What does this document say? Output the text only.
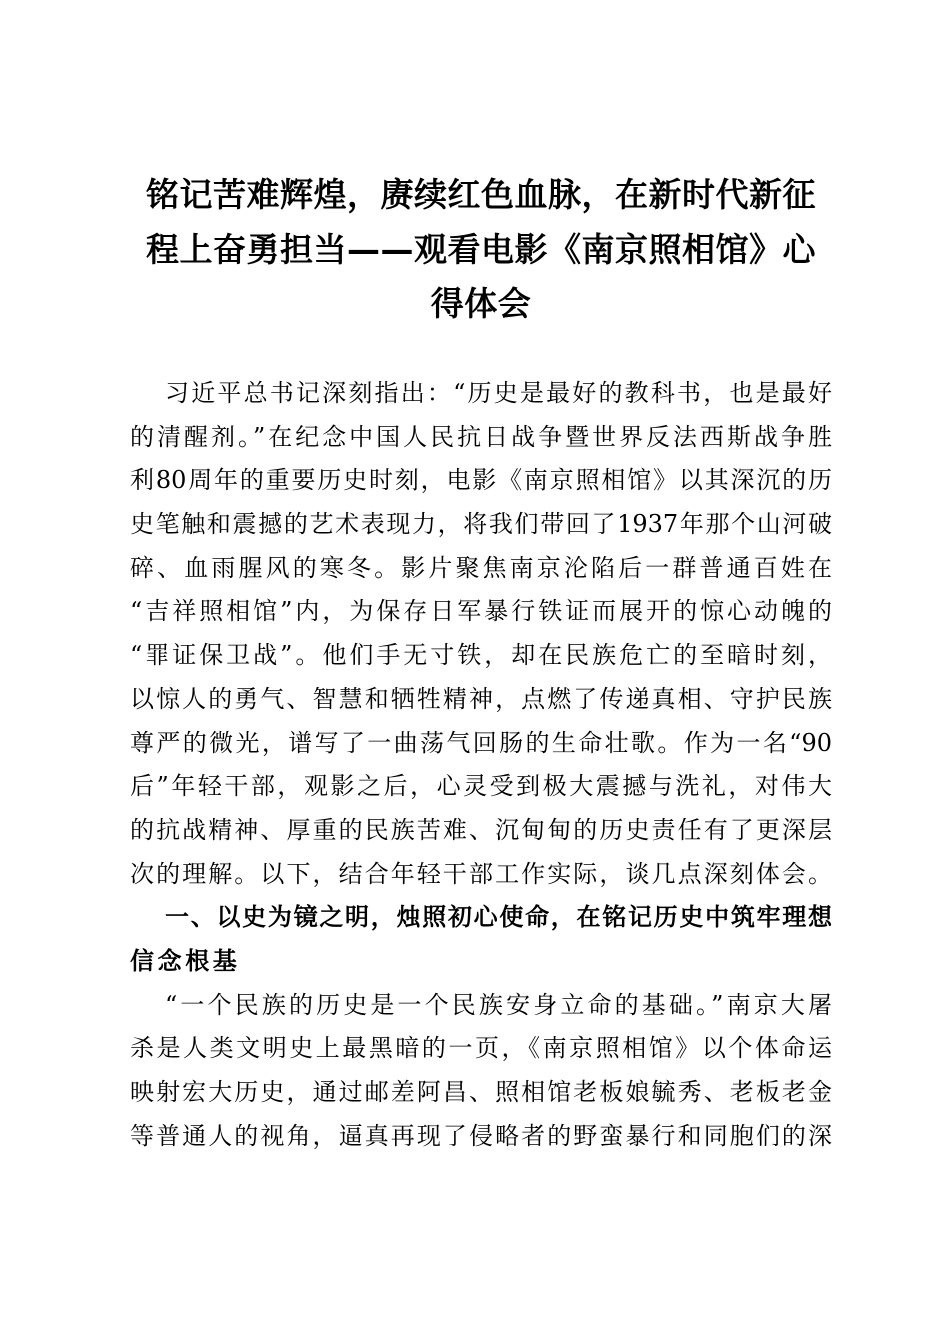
铭记苦难辉煌，赓续红色血脉，在新时代新征
程上奋勇担当——观看电影《南京照相馆》心
得体会
习近平总书记深刻指出：“历史是最好的教科书，也是最好
的清醒剂。”在纪念中国人民抗日战争暨世界反法西斯战争胜
利80周年的重要历史时刻，电影《南京照相馆》以其深沉的历
史笔触和震撼的艺术表现力，将我们带回了1937年那个山河破
碎、血雨腥风的寒冬。影片聚焦南京沦陷后一群普通百姓在
“吉祥照相馆”内，为保存日军暴行铁证而展开的惊心动魄的
“罪证保卫战”。他们手无寸铁，却在民族危亡的至暗时刻，
以惊人的勇气、智慧和牺牲精神，点燃了传递真相、守护民族
尊严的微光，谱写了一曲荡气回肠的生命壮歌。作为一名“90
后”年轻干部，观影之后，心灵受到极大震撼与洗礼，对伟大
的抗战精神、厚重的民族苦难、沉甸甸的历史责任有了更深层
次的理解。以下，结合年轻干部工作实际，谈几点深刻体会。
一、以史为镜之明，烛照初心使命，在铭记历史中筑牢理想
信念根基
“一个民族的历史是一个民族安身立命的基础。”南京大屠
杀是人类文明史上最黑暗的一页，《南京照相馆》以个体命运
映射宏大历史，通过邮差阿昌、照相馆老板娘毓秀、老板老金
等普通人的视角，逼真再现了侵略者的野蛮暴行和同胞们的深
